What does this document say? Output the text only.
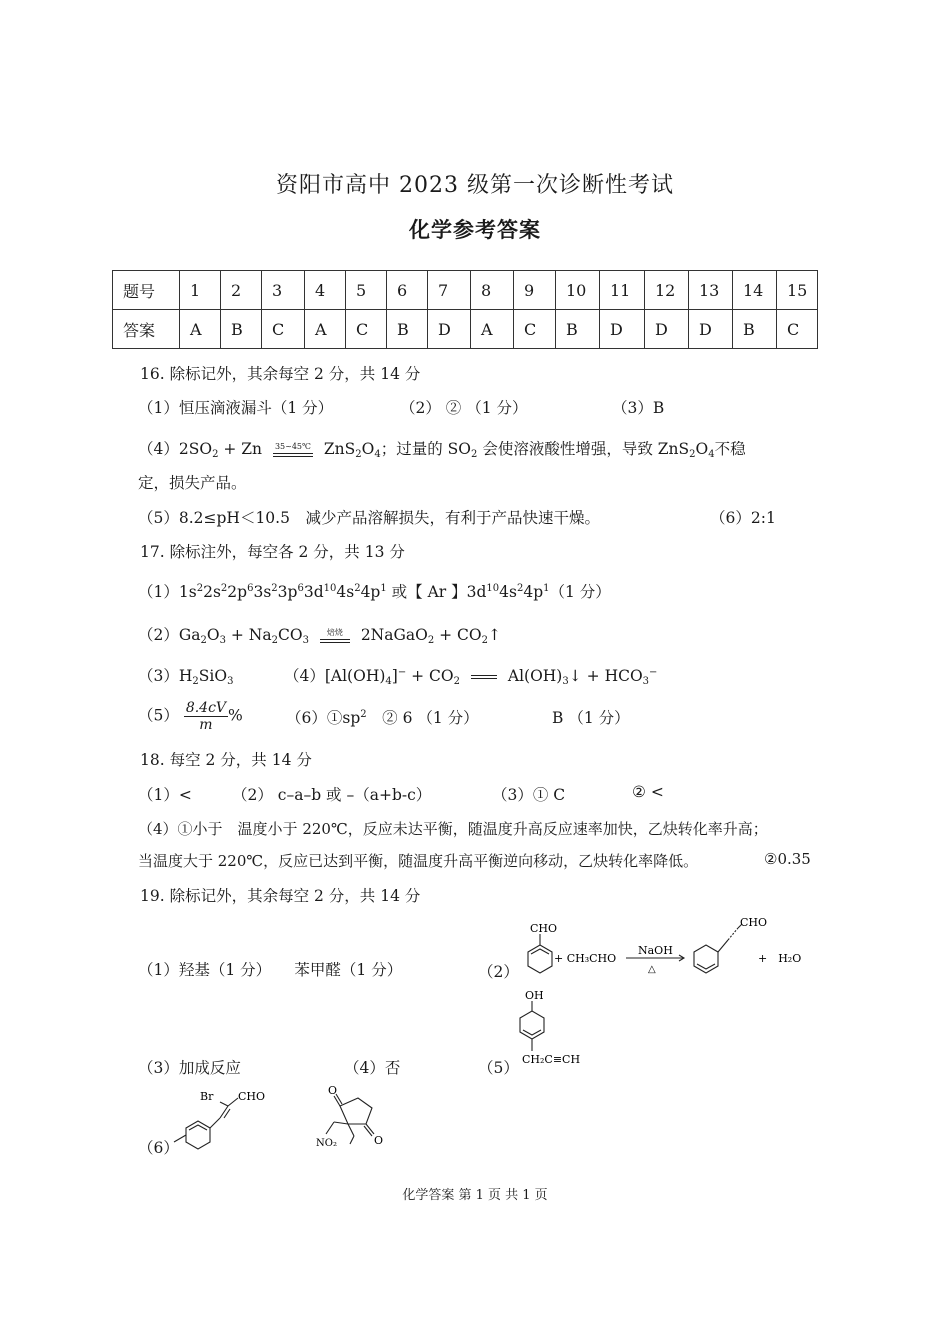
资阳市高中 2023 级第一次诊断性考试
化学参考答案
题号	1	2	3	4	5	6	7	8	9	10	11	12	13	14	15
答案	A	B	C	A	C	B	D	A	C	B	D	D	D	B	C
16. 除标记外，其余每空 2 分，共 14 分
（1）恒压滴液漏斗（1 分）	（2） ② （1 分）	（3）B
$(4)2SO_2 + Zn$ 35~45℃ $ZnS_2O_4$；过量的 $SO_2$ 会使溶液酸性增强，导致 $ZnS_2O_4$不稳
定，损失产品。
（5）8.2≤pH＜10.5　减少产品溶解损失，有利于产品快速干燥。	（6）2:1
17. 除标注外，每空各 2 分，共 13 分
$(1)1s^22s^22p^63s^23p^63d^{10}4s^24p^1$ 或【 Ar 】$3d^{10}4s^24p^1(1$ 分）
$(2)Ga_2O_3 + Na_2CO_3$
焙烧 2NaGaO$_2$ + $CO_2↑$
$(3)H_2SiO_3$	$(4)[Al(OH)_4]^- + CO_2$	$Al(OH)_3↓ + HCO_3^-$
$(5) \frac{8.4cV}{m}$ %	$(6)①sp^2$　 ② 6 （1 分）	B （1 分）
18. 每空 2 分，共 14 分
（1）<	（2） c–a–b 或 –（a+b-c）	（3）① C	② <
（4）①小于　温度小于 220℃，反应未达平衡，随温度升高反应速率加快，乙炔转化率升高；
当温度大于 220℃，反应已达到平衡，随温度升高平衡逆向移动，乙炔转化率降低。	②0.35
19. 除标记外，其余每空 2 分，共 14 分
（1）羟基（1 分）　　苯甲醛（1 分）	（2）
CHO
+ CH₃CHO
NaOH
△
CHO
+　H₂O
（3）加成反应	（4）否	（5）
OH
CH₂C≡CH
（6）
Br CHO	O
O
NO₂
化学答案 第 1 页 共 1 页
